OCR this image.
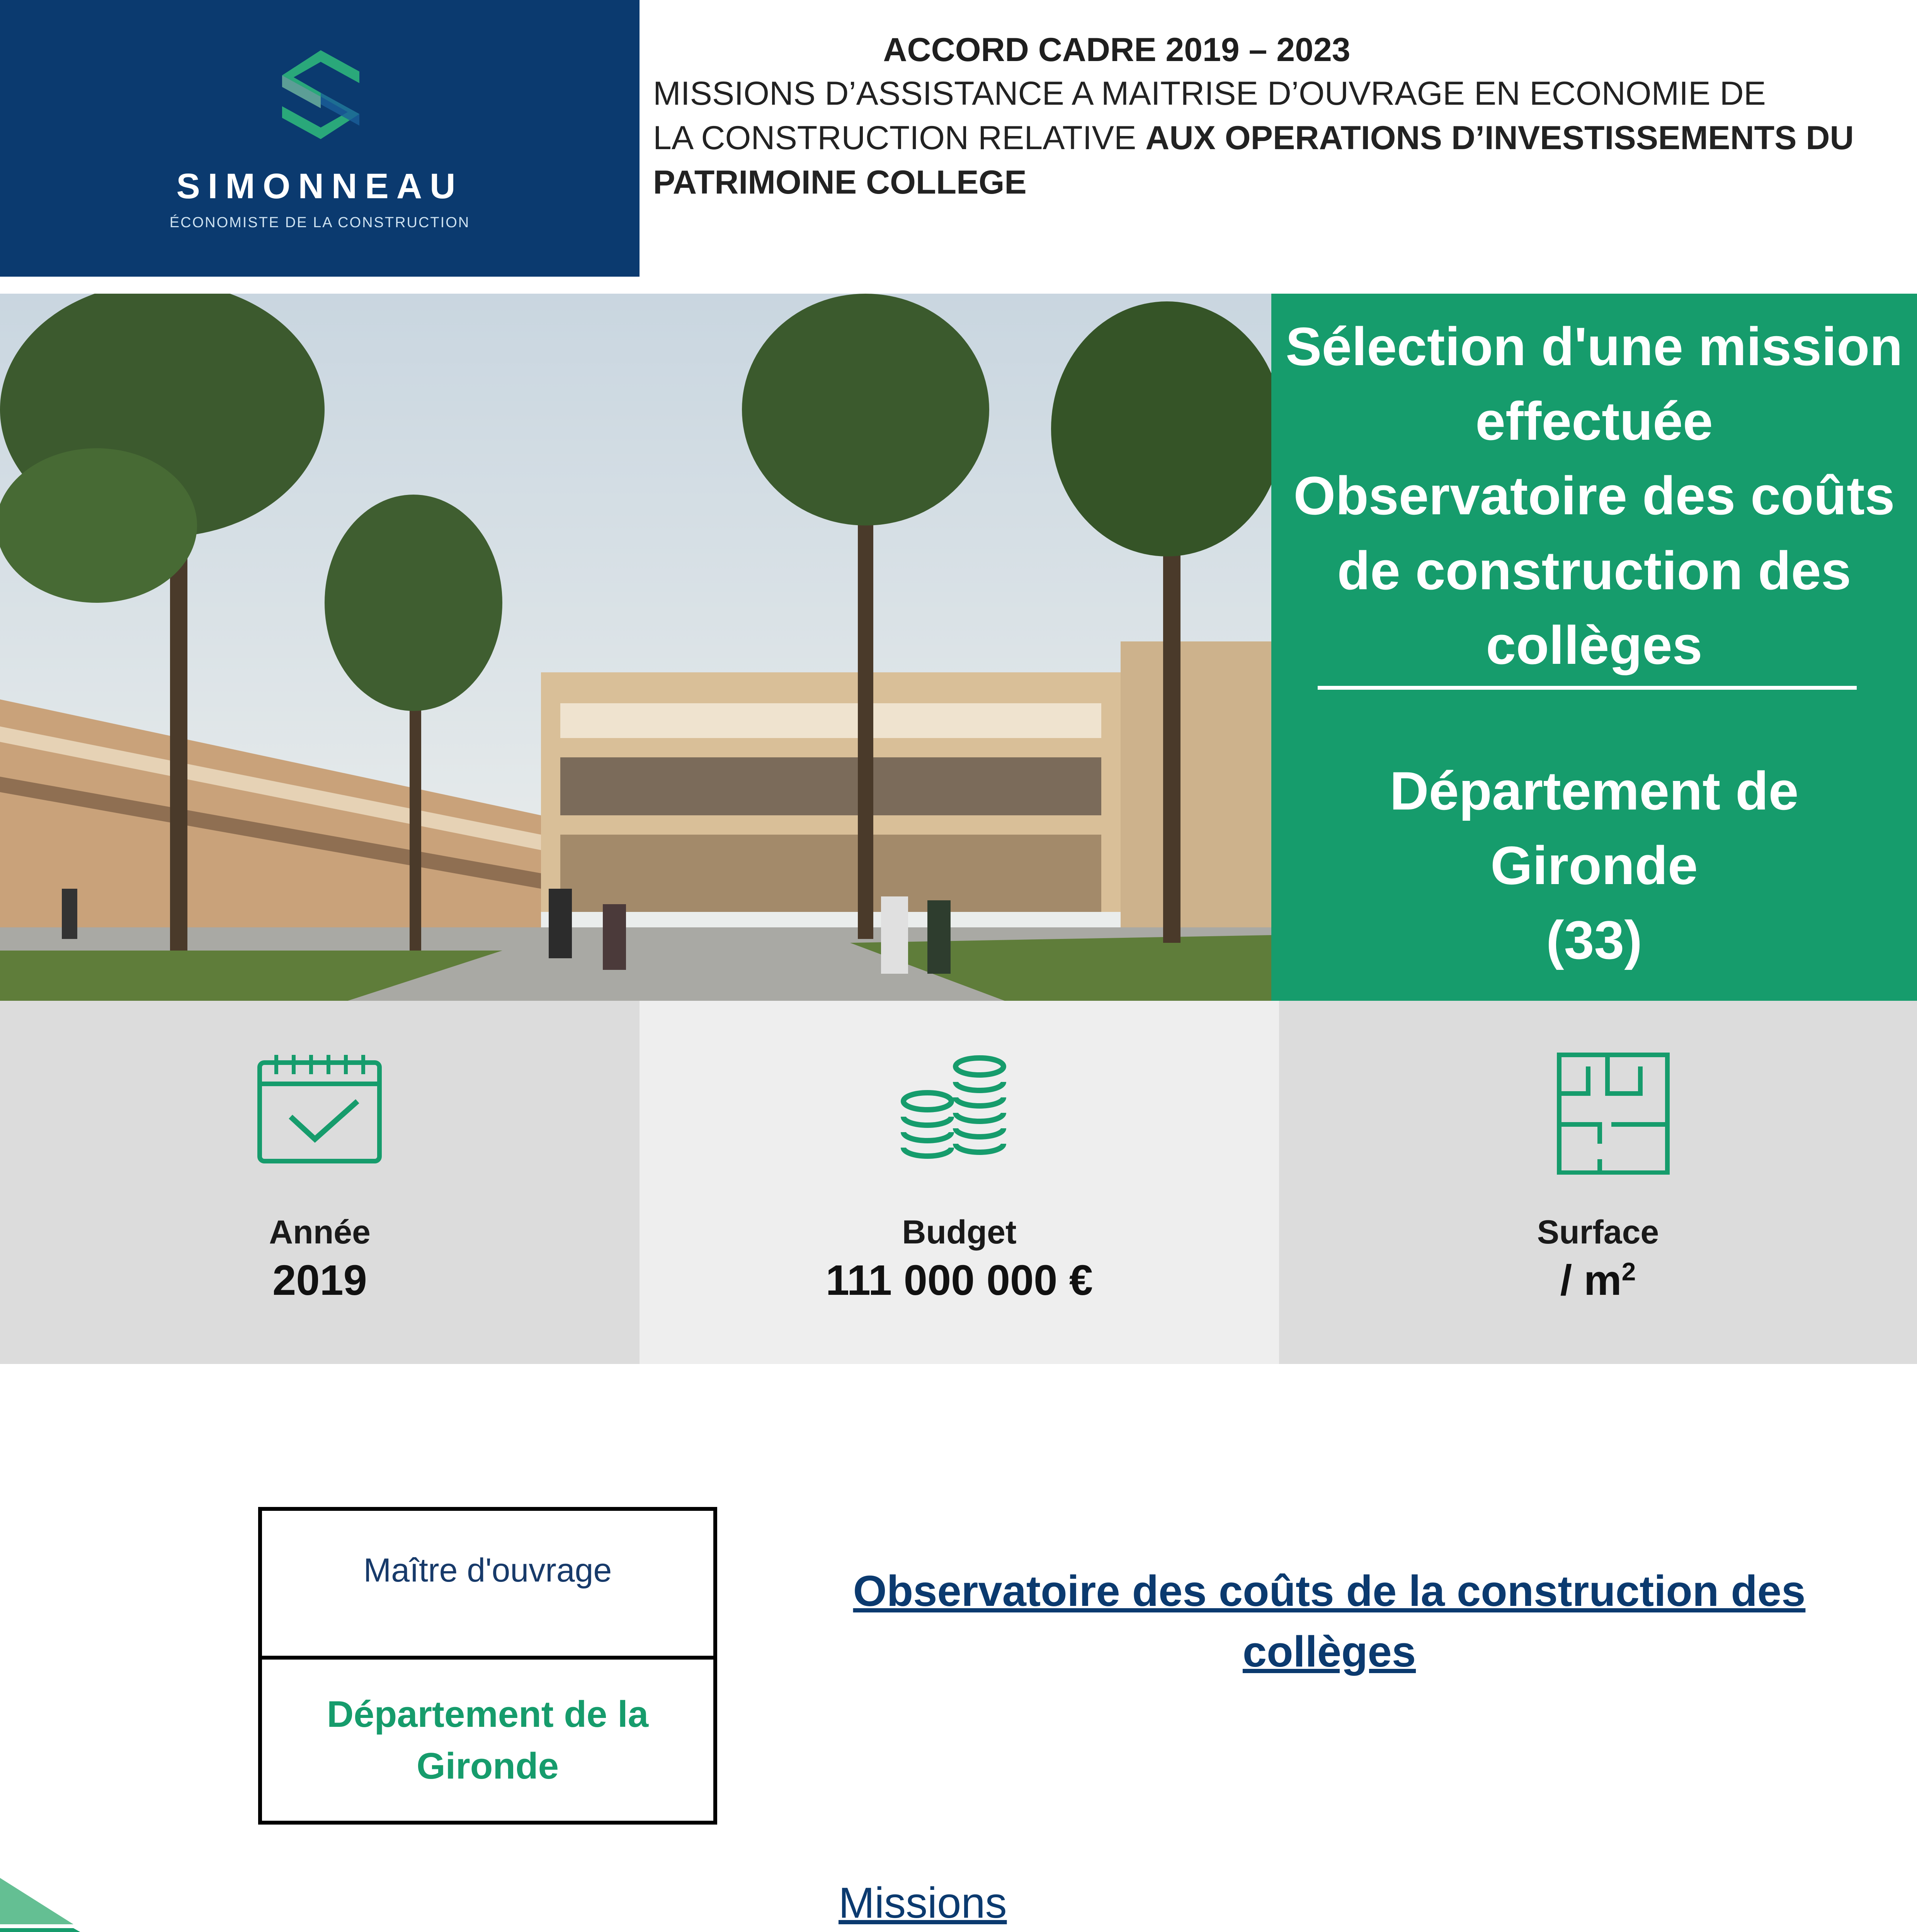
SIMONNEAU
ÉCONOMISTE DE LA CONSTRUCTION
ACCORD CADRE 2019 – 2023
MISSIONS D’ASSISTANCE A MAITRISE D’OUVRAGE EN ECONOMIE DE
LA CONSTRUCTION RELATIVE AUX OPERATIONS D’INVESTISSEMENTS DU
PATRIMOINE COLLEGE
Sélection d'une mission
effectuée
Observatoire des coûts
de construction des
collèges
Département de
Gironde
(33)
Année
2019
Budget
111 000 000 €
Surface
/ $m^2$
Maître d'ouvrage
Département de la
Gironde
Observatoire des coûts de la construction des
collèges
Missions
